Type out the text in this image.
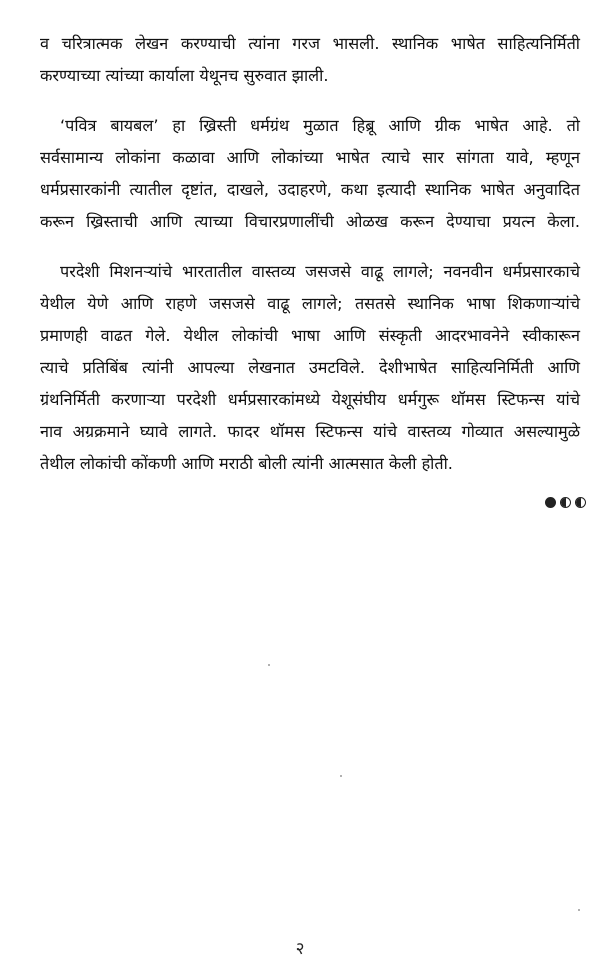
व चरित्रात्मक लेखन करण्याची त्यांना गरज भासली. स्थानिक भाषेत साहित्यनिर्मिती
करण्याच्या त्यांच्या कार्याला येथूनच सुरुवात झाली.
‘पवित्र बायबल’ हा ख्रिस्ती धर्मग्रंथ मुळात हिब्रू आणि ग्रीक भाषेत आहे. तो
सर्वसामान्य लोकांना कळावा आणि लोकांच्या भाषेत त्याचे सार सांगता यावे, म्हणून
धर्मप्रसारकांनी त्यातील दृष्टांत, दाखले, उदाहरणे, कथा इत्यादी स्थानिक भाषेत अनुवादित
करून ख्रिस्ताची आणि त्याच्या विचारप्रणालींची ओळख करून देण्याचा प्रयत्न केला.
परदेशी मिशनऱ्यांचे भारतातील वास्तव्य जसजसे वाढू लागले; नवनवीन धर्मप्रसारकाचे
येथील येणे आणि राहणे जसजसे वाढू लागले; तसतसे स्थानिक भाषा शिकणाऱ्यांचे
प्रमाणही वाढत गेले. येथील लोकांची भाषा आणि संस्कृती आदरभावनेने स्वीकारून
त्याचे प्रतिबिंब त्यांनी आपल्या लेखनात उमटविले. देशीभाषेत साहित्यनिर्मिती आणि
ग्रंथनिर्मिती करणाऱ्या परदेशी धर्मप्रसारकांमध्ये येशूसंघीय धर्मगुरू थॉमस स्टिफन्स यांचे
नाव अग्रक्रमाने घ्यावे लागते. फादर थॉमस स्टिफन्स यांचे वास्तव्य गोव्यात असल्यामुळे
तेथील लोकांची कोंकणी आणि मराठी बोली त्यांनी आत्मसात केली होती.
२
